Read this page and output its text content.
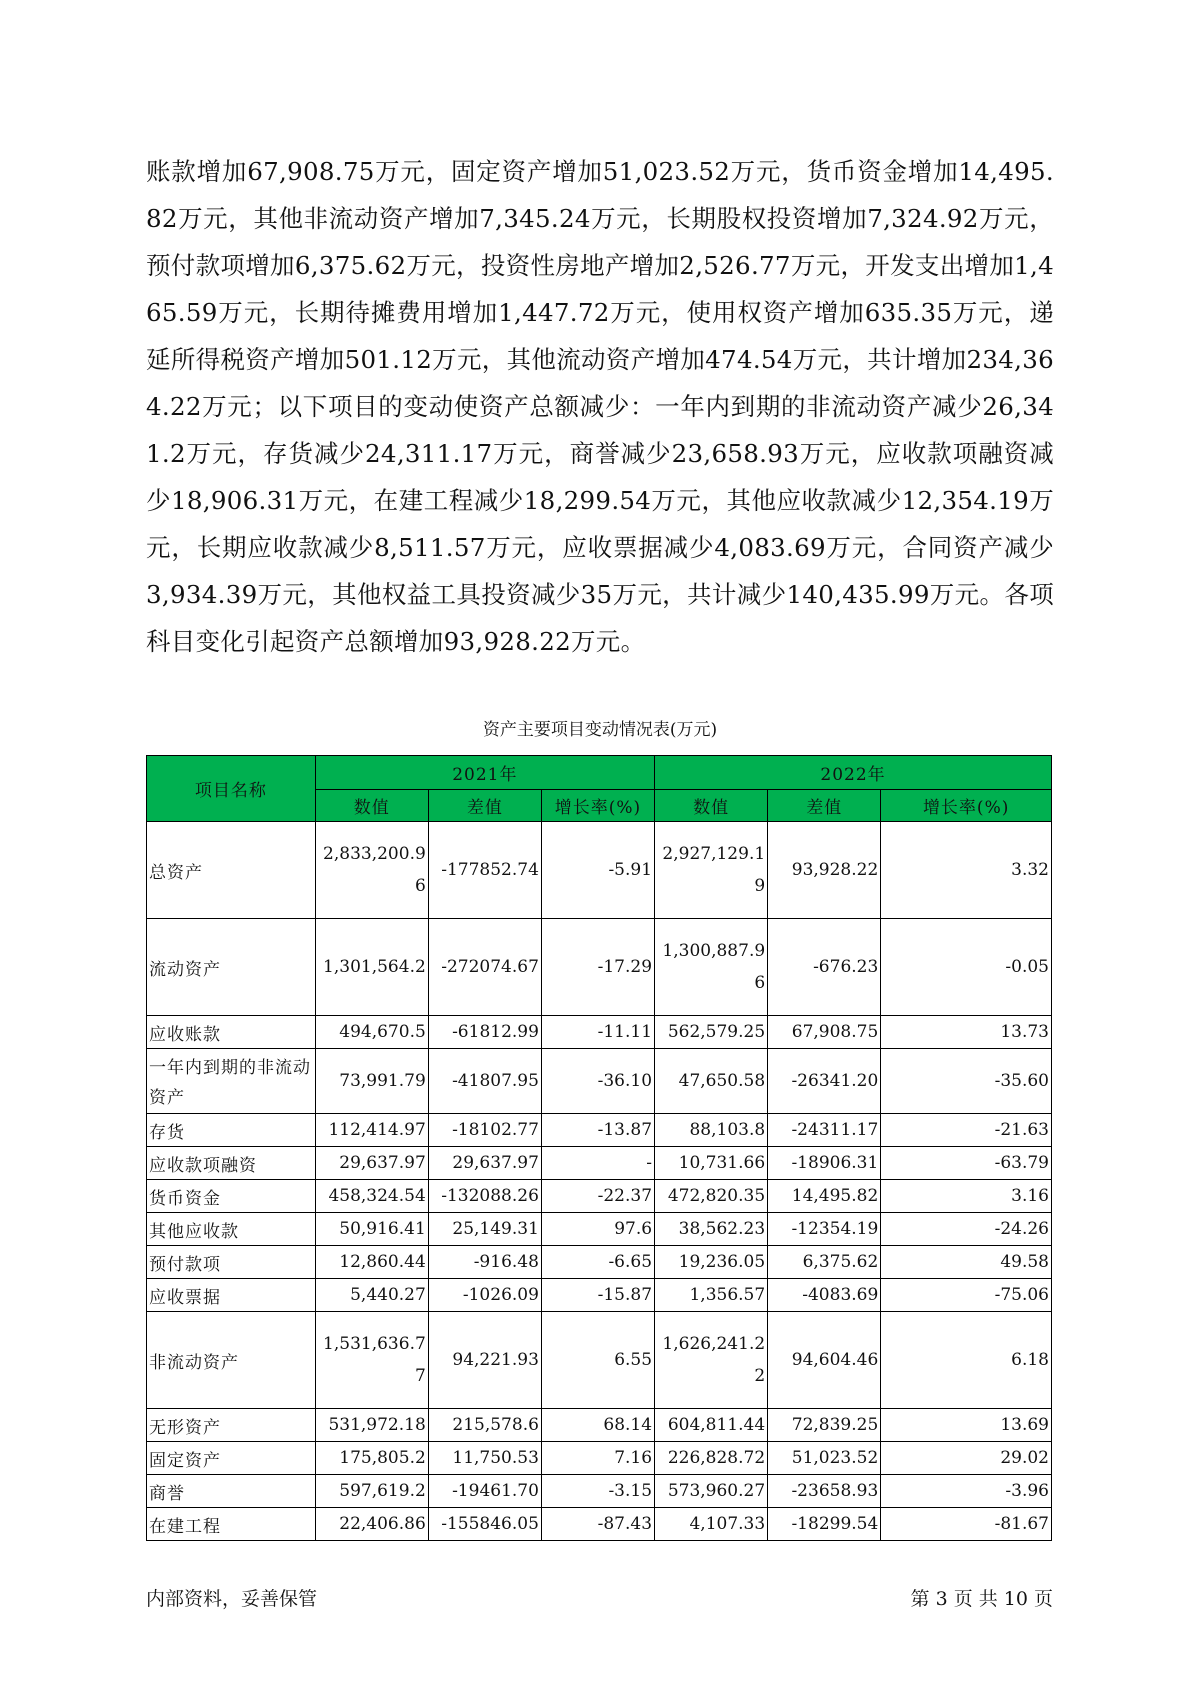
账款增加67,908.75万元，固定资产增加51,023.52万元，货币资金增加14,495.82万元，其他非流动资产增加7,345.24万元，长期股权投资增加7,324.92万元，预付款项增加6,375.62万元，投资性房地产增加2,526.77万元，开发支出增加1,465.59万元，长期待摊费用增加1,447.72万元，使用权资产增加635.35万元，递延所得税资产增加501.12万元，其他流动资产增加474.54万元，共计增加234,364.22万元；以下项目的变动使资产总额减少：一年内到期的非流动资产减少26,341.2万元，存货减少24,311.17万元，商誉减少23,658.93万元，应收款项融资减少18,906.31万元，在建工程减少18,299.54万元，其他应收款减少12,354.19万元，长期应收款减少8,511.57万元，应收票据减少4,083.69万元，合同资产减少3,934.39万元，其他权益工具投资减少35万元，共计减少140,435.99万元。各项科目变化引起资产总额增加93,928.22万元。

资产主要项目变动情况表(万元)
项目名称	2021年			2022年		
	数值	差值	增长率(%)	数值	差值	增长率(%)
总资产	2,833,200.96	-177852.74	-5.91	2,927,129.19	93,928.22	3.32
流动资产	1,301,564.2	-272074.67	-17.29	1,300,887.96	-676.23	-0.05
应收账款	494,670.5	-61812.99	-11.11	562,579.25	67,908.75	13.73
一年内到期的非流动资产	73,991.79	-41807.95	-36.10	47,650.58	-26341.20	-35.60
存货	112,414.97	-18102.77	-13.87	88,103.8	-24311.17	-21.63
应收款项融资	29,637.97	29,637.97	-	10,731.66	-18906.31	-63.79
货币资金	458,324.54	-132088.26	-22.37	472,820.35	14,495.82	3.16
其他应收款	50,916.41	25,149.31	97.6	38,562.23	-12354.19	-24.26
预付款项	12,860.44	-916.48	-6.65	19,236.05	6,375.62	49.58
应收票据	5,440.27	-1026.09	-15.87	1,356.57	-4083.69	-75.06
非流动资产	1,531,636.77	94,221.93	6.55	1,626,241.22	94,604.46	6.18
无形资产	531,972.18	215,578.6	68.14	604,811.44	72,839.25	13.69
固定资产	175,805.2	11,750.53	7.16	226,828.72	51,023.52	29.02
商誉	597,619.2	-19461.70	-3.15	573,960.27	-23658.93	-3.96
在建工程	22,406.86	-155846.05	-87.43	4,107.33	-18299.54	-81.67
内部资料，妥善保管	第 3 页 共 10 页
